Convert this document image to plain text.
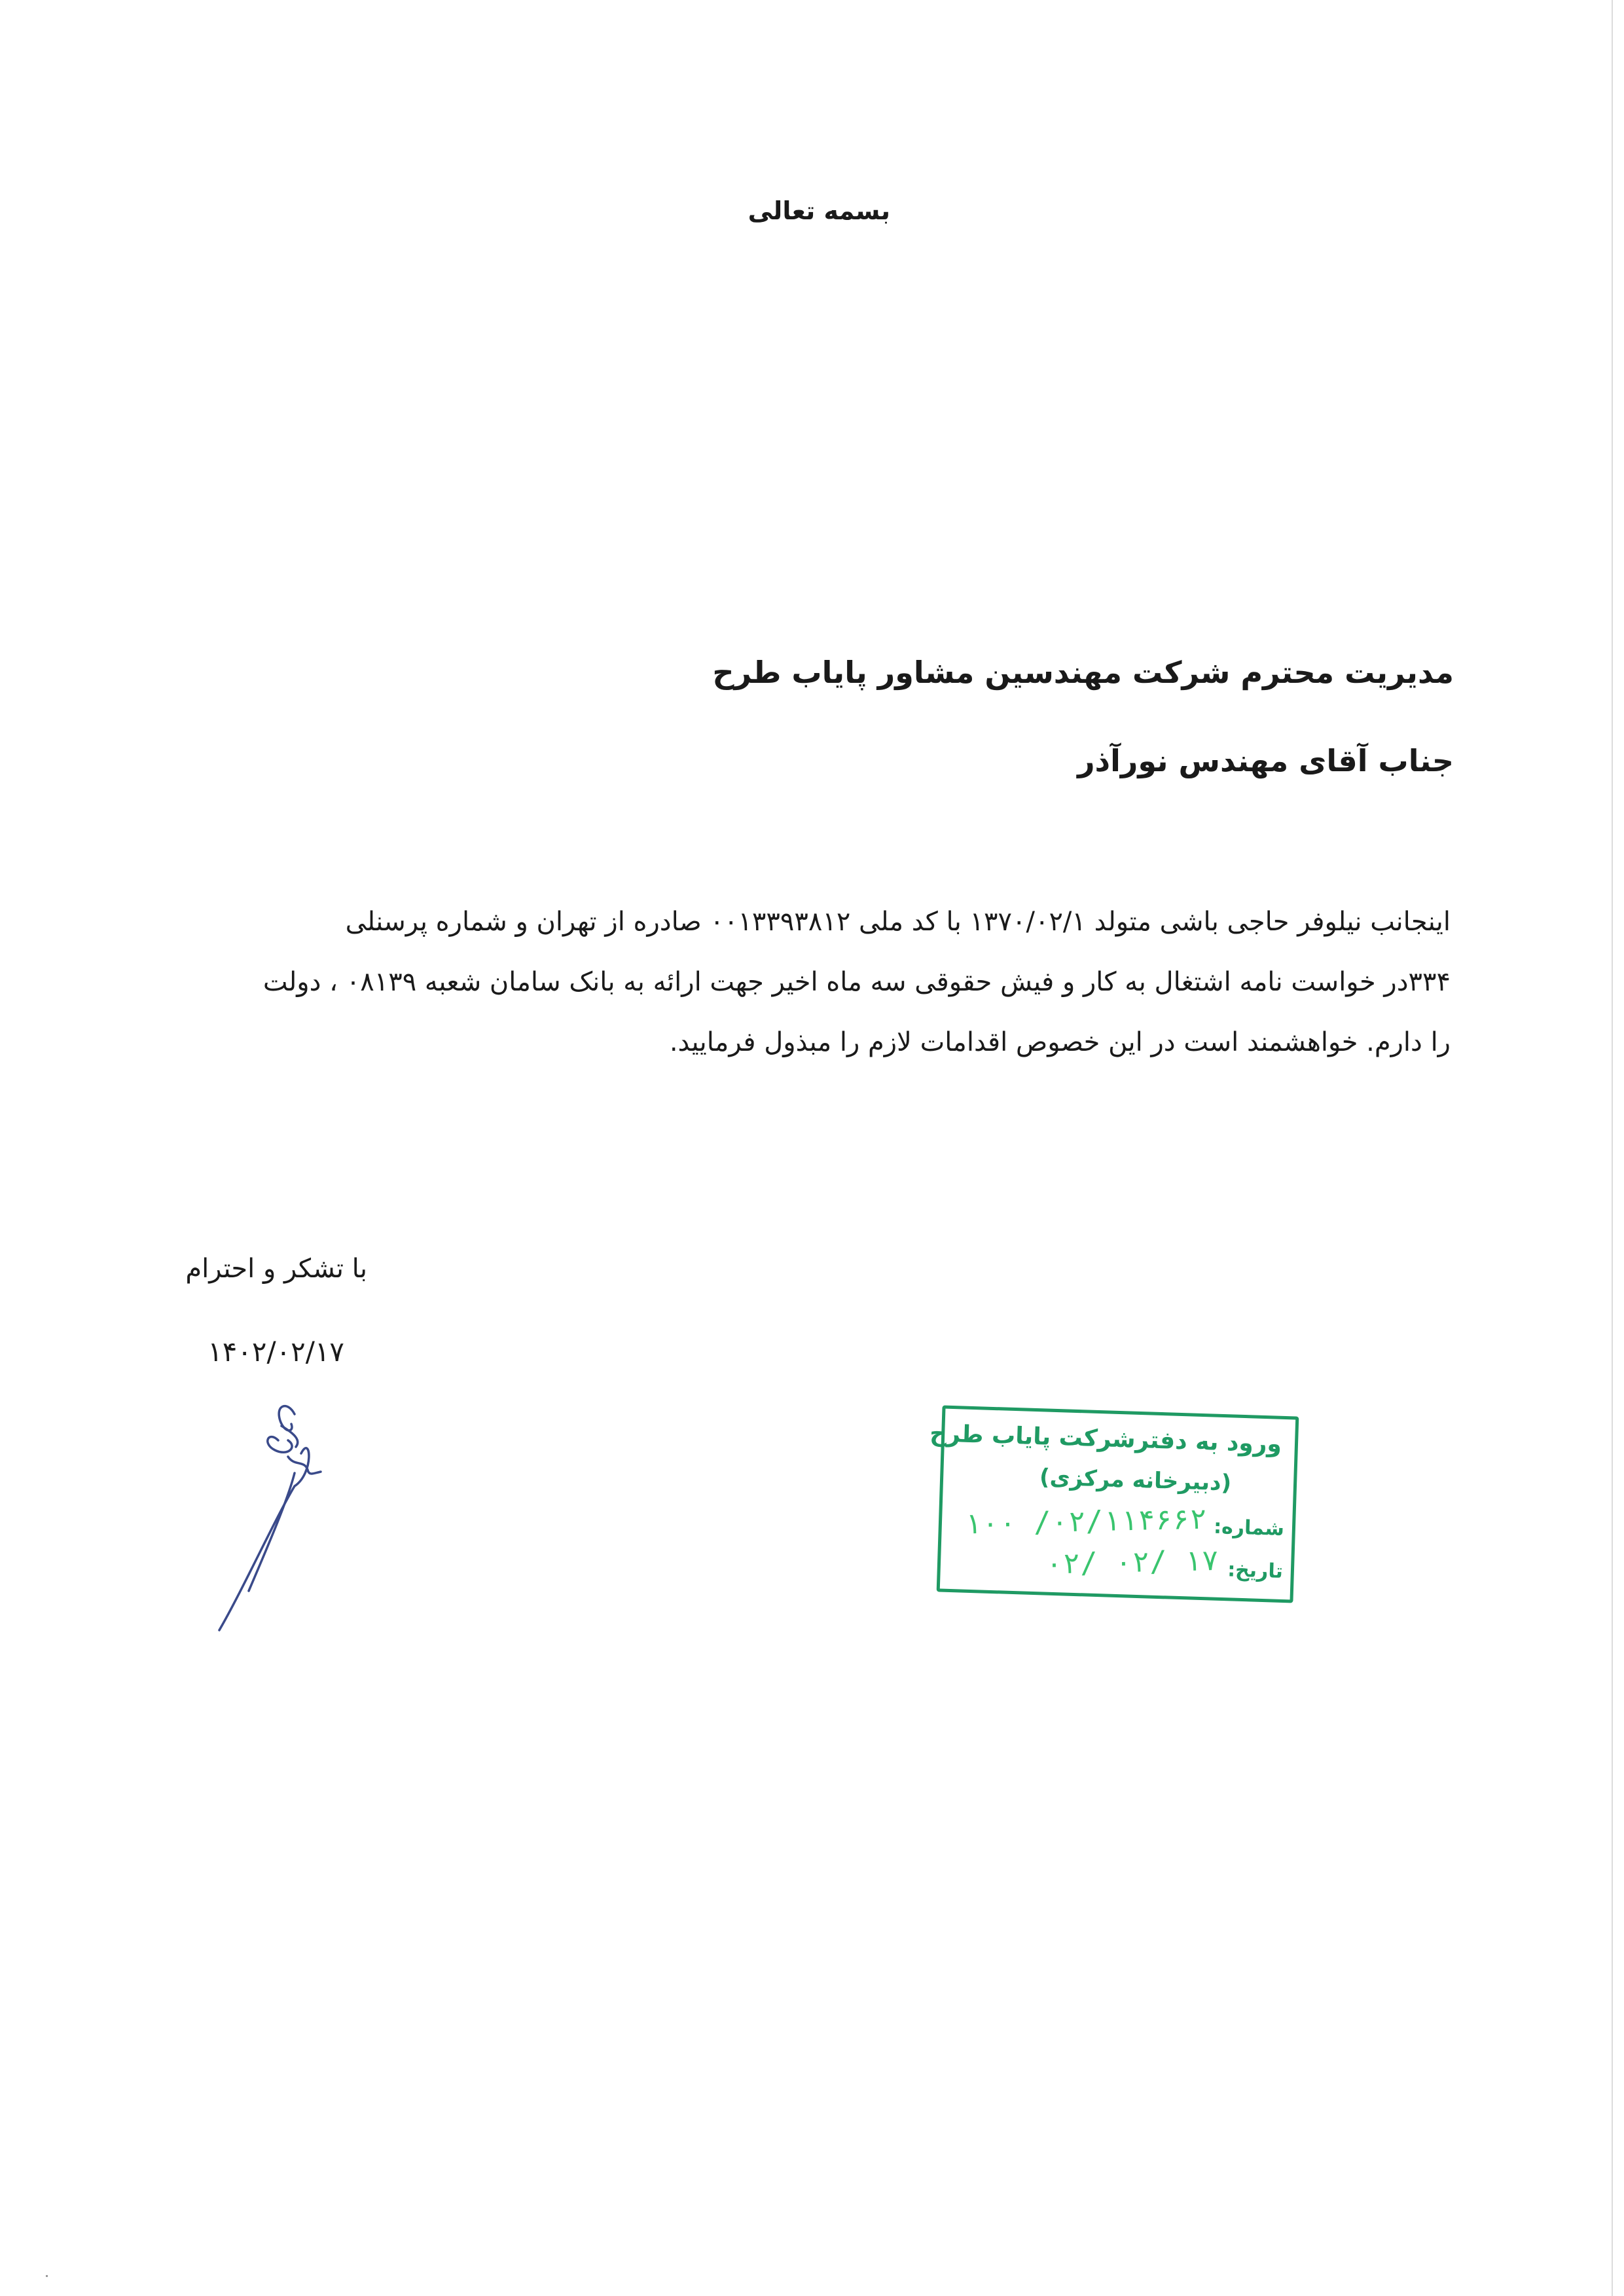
بسمه تعالی
مدیریت محترم شرکت مهندسین مشاور پایاب طرح
جناب آقای مهندس نورآذر
اینجانب نیلوفر حاجی باشی متولد ۱۳۷۰/۰۲/۱ با کد ملی ۰۰۱۳۳۹۳۸۱۲ صادره از تهران و شماره پرسنلی
۳۳۴در خواست نامه اشتغال به کار و فیش حقوقی سه ماه اخیر جهت ارائه به بانک سامان شعبه ۰۸۱۳۹ ، دولت
را دارم. خواهشمند است در این خصوص اقدامات لازم را مبذول فرمایید.
با تشکر و احترام
۱۴۰۲/۰۲/۱۷
ورود به دفترشرکت پایاب طرح
(دبیرخانه مرکزی)
شماره:
۱۰۰ /۰۲/۱۱۴۶۶۲
تاریخ:
۰۲/ ۰۲/ ۱۷
